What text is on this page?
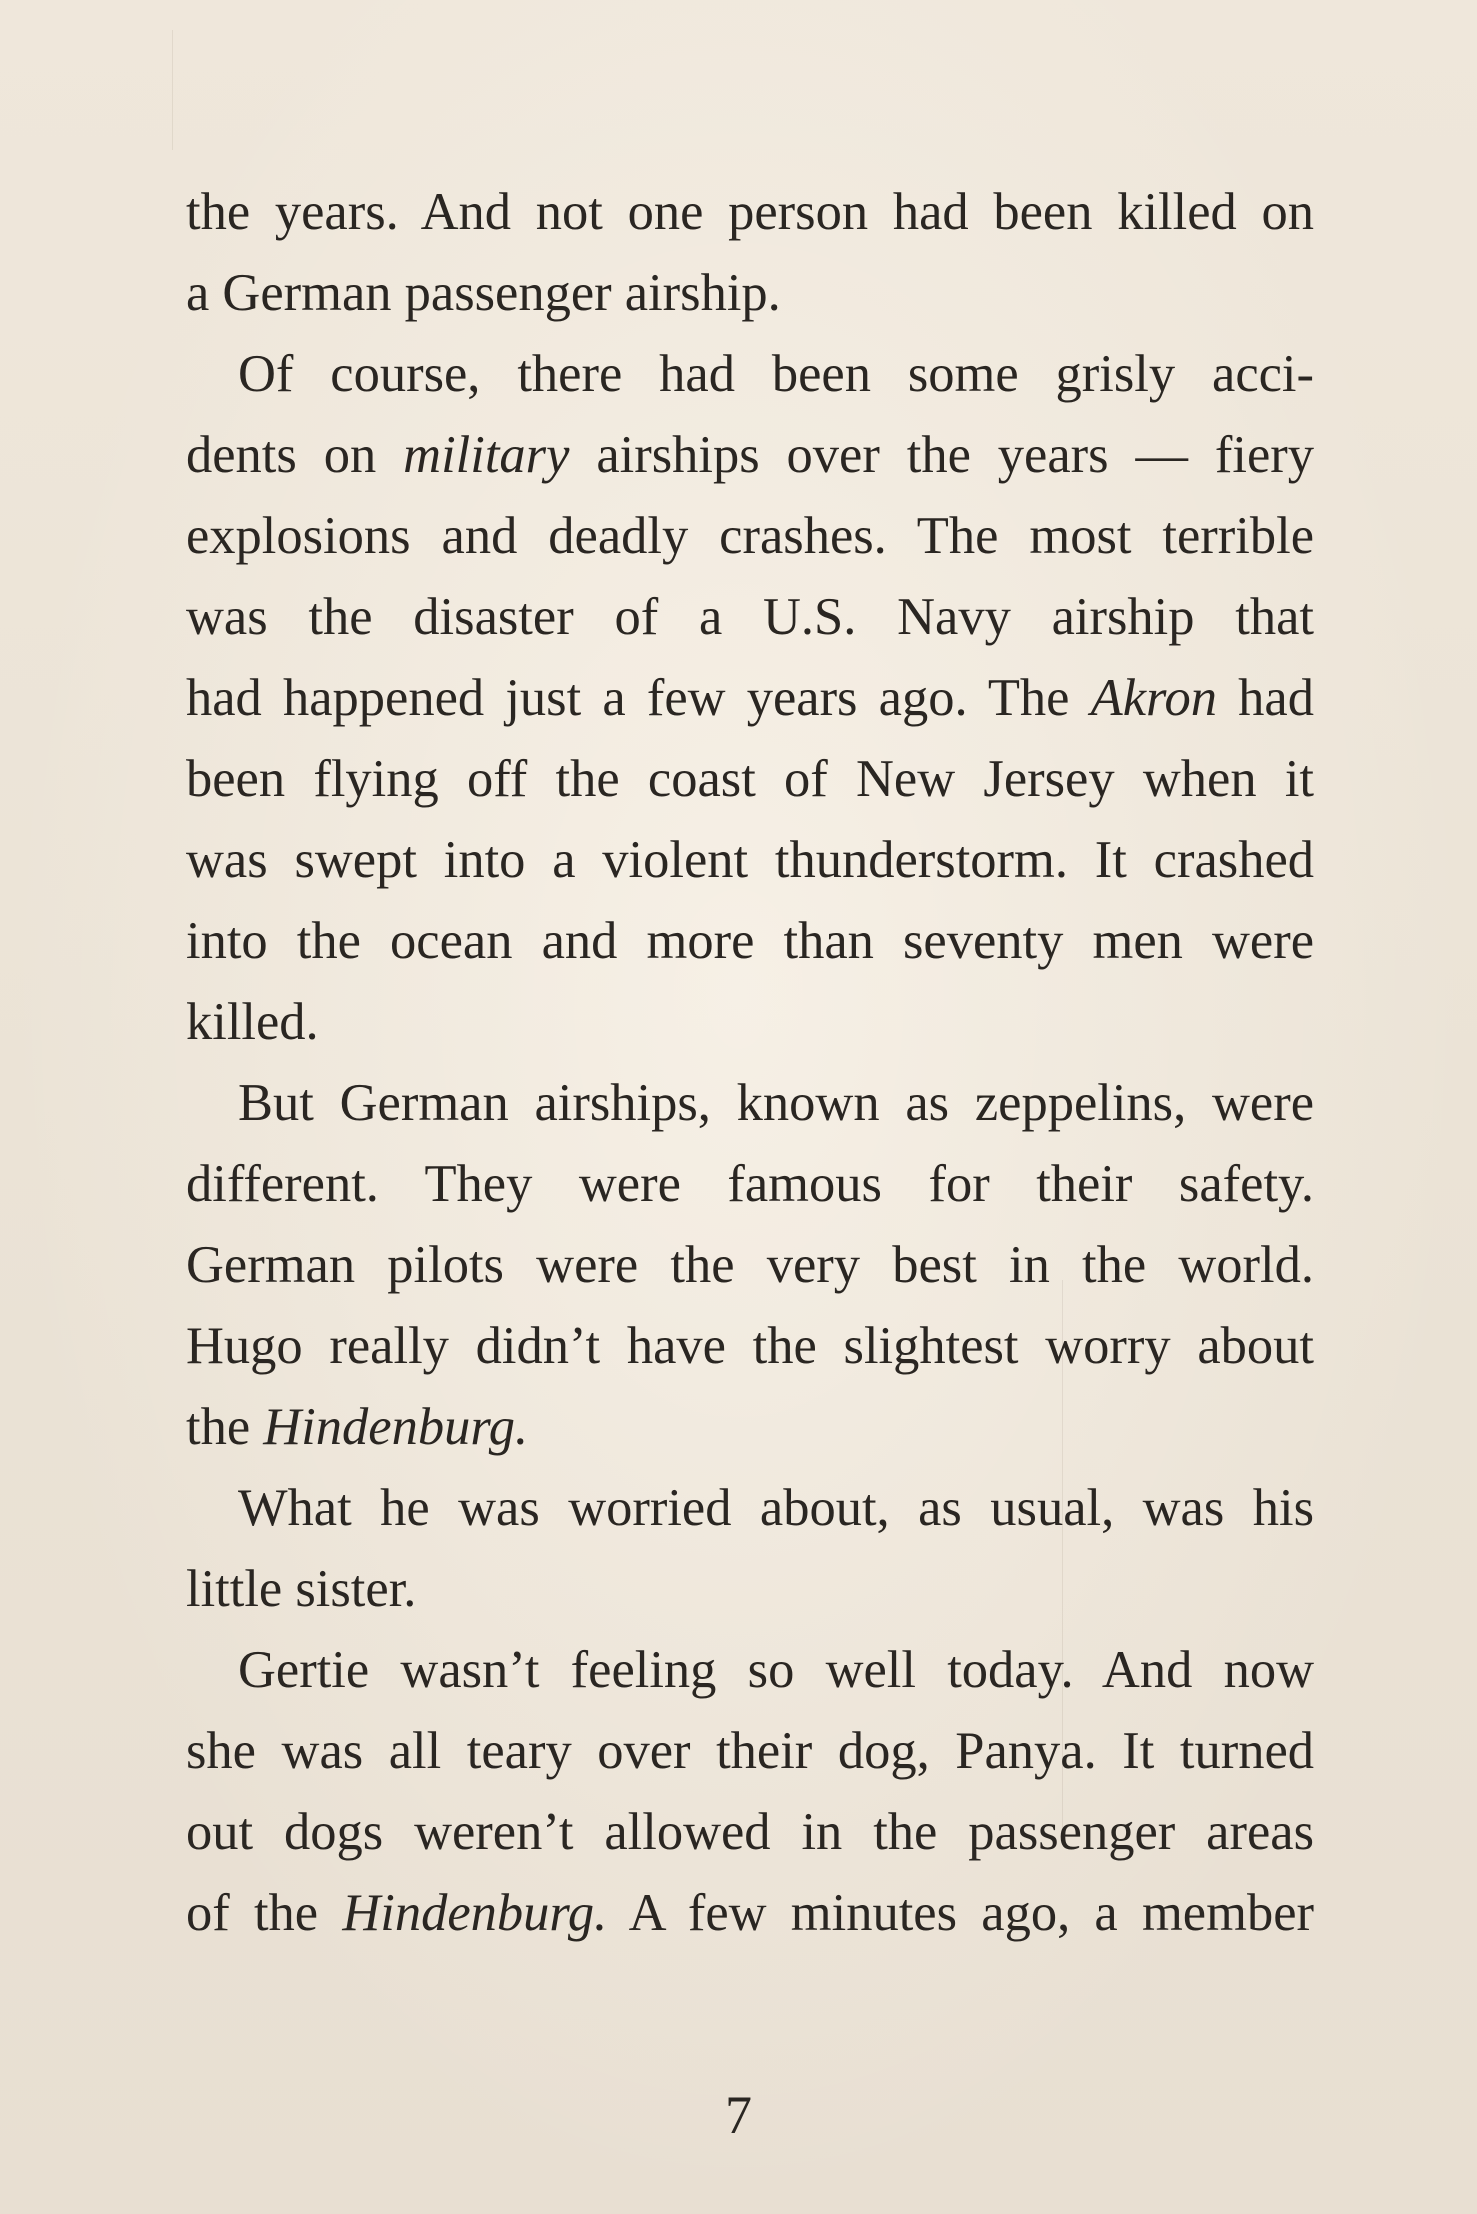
the years. And not one person had been killed on
a German passenger airship.
Of course, there had been some grisly acci-
dents on military airships over the years — fiery
explosions and deadly crashes. The most terrible
was the disaster of a U.S. Navy airship that
had happened just a few years ago. The Akron had
been flying off the coast of New Jersey when it
was swept into a violent thunderstorm. It crashed
into the ocean and more than seventy men were
killed.
But German airships, known as zeppelins, were
different. They were famous for their safety.
German pilots were the very best in the world.
Hugo really didn’t have the slightest worry about
the Hindenburg.
What he was worried about, as usual, was his
little sister.
Gertie wasn’t feeling so well today. And now
she was all teary over their dog, Panya. It turned
out dogs weren’t allowed in the passenger areas
of the Hindenburg. A few minutes ago, a member
7
